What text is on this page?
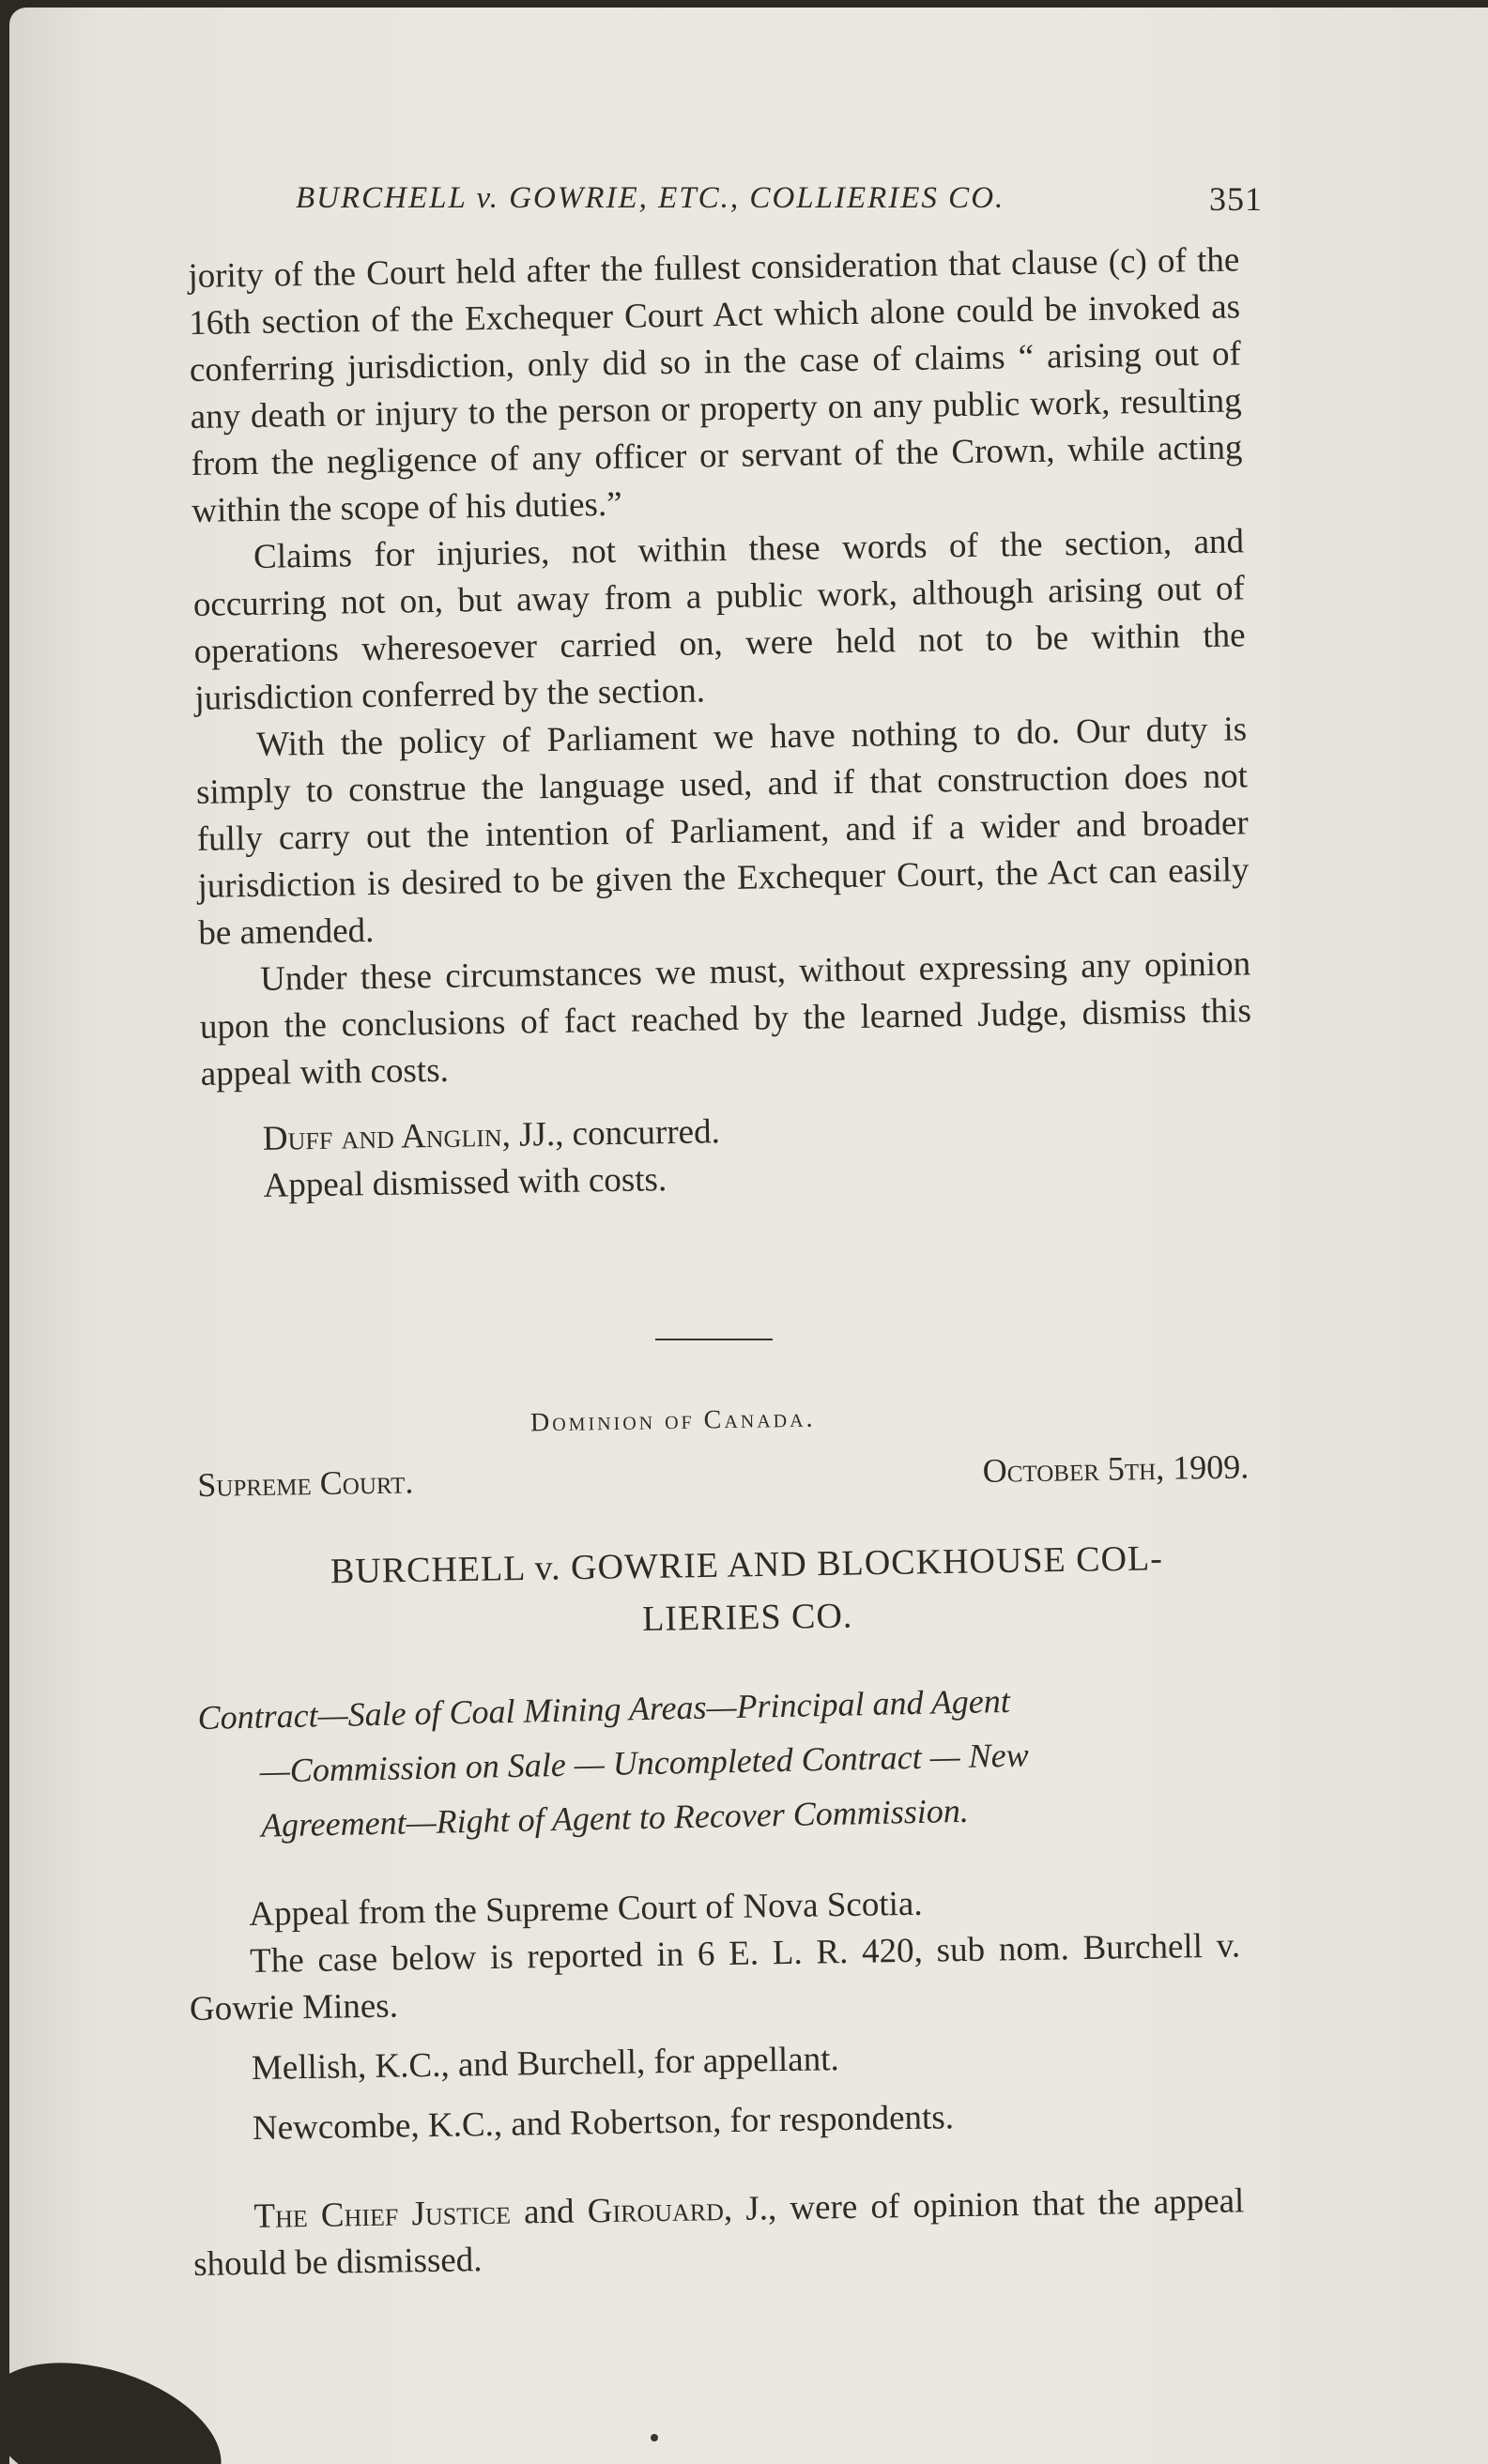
BURCHELL v. GOWRIE, ETC., COLLIERIES CO.	351

jority of the Court held after the fullest consideration that clause (c) of the 16th section of the Exchequer Court Act which alone could be invoked as conferring jurisdiction, only did so in the case of claims “ arising out of any death or injury to the person or property on any public work, resulting from the negligence of any officer or servant of the Crown, while acting within the scope of his duties.”

Claims for injuries, not within these words of the section, and occurring not on, but away from a public work, although arising out of operations wheresoever carried on, were held not to be within the jurisdiction conferred by the section.

With the policy of Parliament we have nothing to do. Our duty is simply to construe the language used, and if that construction does not fully carry out the intention of Parliament, and if a wider and broader jurisdiction is desired to be given the Exchequer Court, the Act can easily be amended.

Under these circumstances we must, without expressing any opinion upon the conclusions of fact reached by the learned Judge, dismiss this appeal with costs.

Duff and Anglin, JJ., concurred.

Appeal dismissed with costs.

Dominion of Canada.
Supreme Court.	October 5th, 1909.
BURCHELL v. GOWRIE AND BLOCKHOUSE COL-
LIERIES CO.
Contract—Sale of Coal Mining Areas—Principal and Agent
—Commission on Sale — Uncompleted Contract — New
Agreement—Right of Agent to Recover Commission.

Appeal from the Supreme Court of Nova Scotia.

The case below is reported in 6 E. L. R. 420, sub nom. Burchell v. Gowrie Mines.

Mellish, K.C., and Burchell, for appellant.

Newcombe, K.C., and Robertson, for respondents.

The Chief Justice and Girouard, J., were of opinion that the appeal should be dismissed.
